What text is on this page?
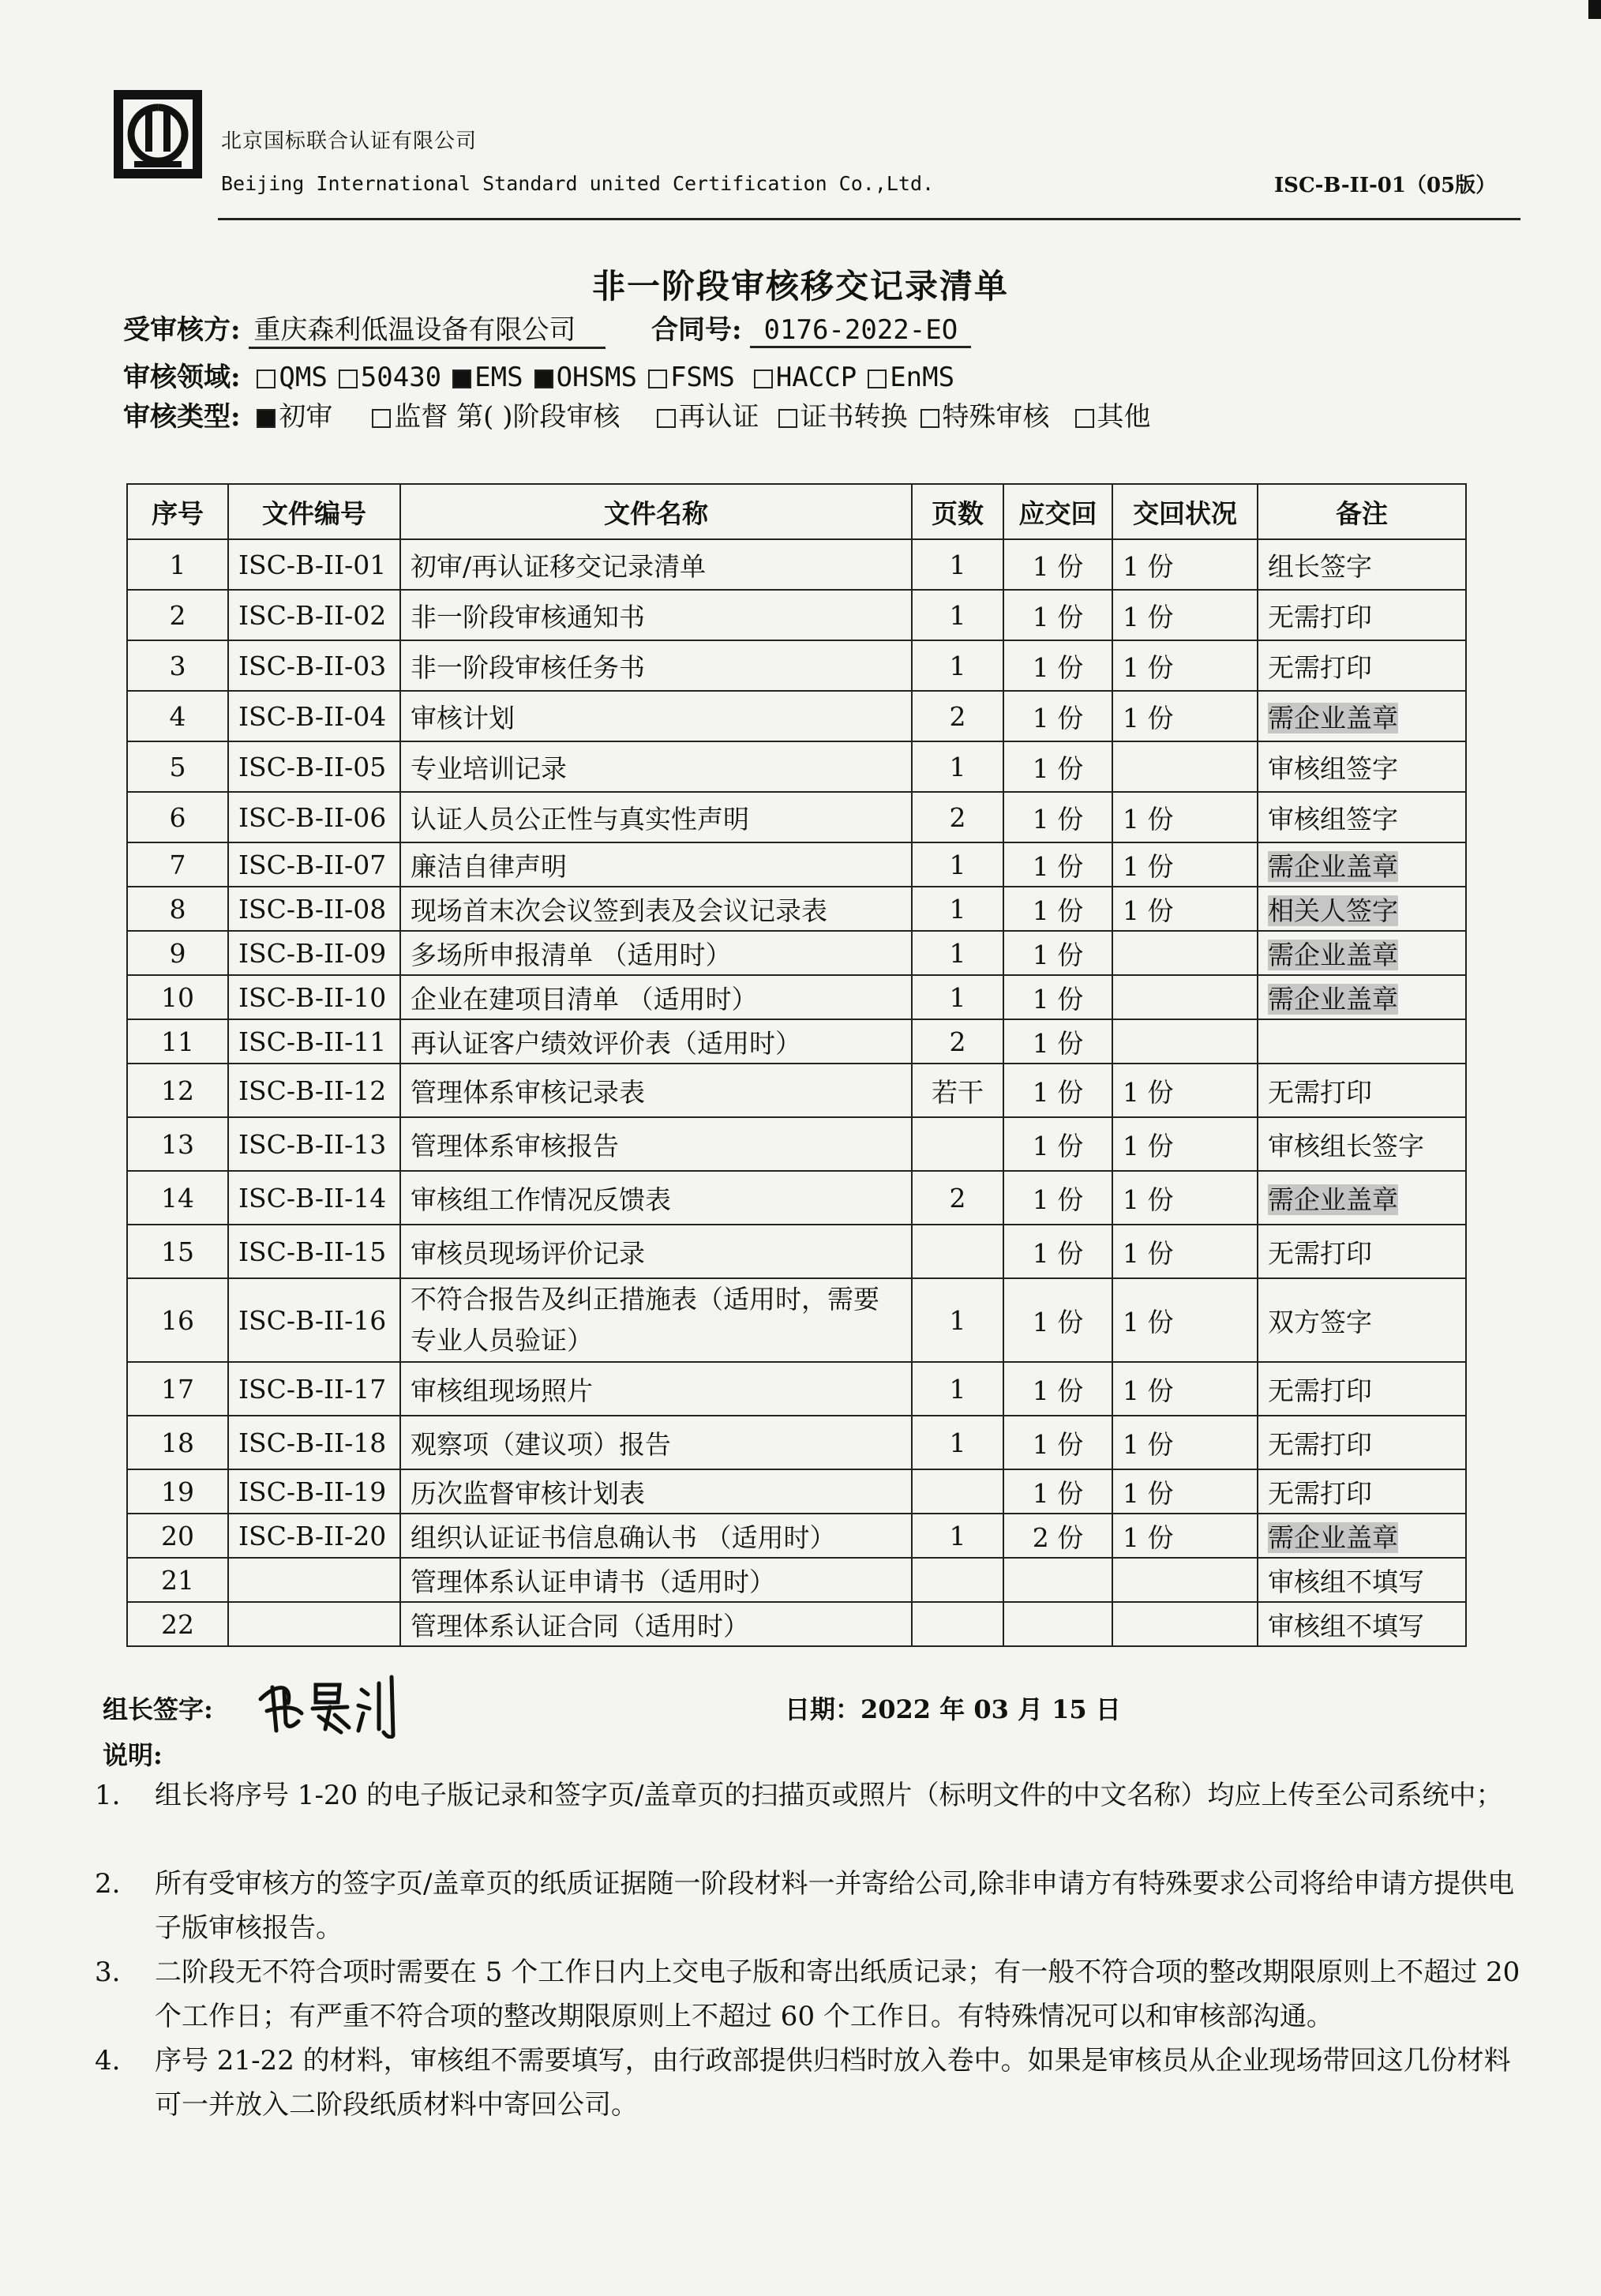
北京国标联合认证有限公司
Beijing International Standard united Certification Co.,Ltd.	ISC-B-II-01（05版）
非一阶段审核移交记录清单
受审核方: 重庆森利低温设备有限公司	合同号: 0176-2022-EO
审核领域: QMS 50430 EMS OHSMS FSMS HACCP EnMS
审核类型: 初审 监督 第( )阶段审核 再认证 证书转换 特殊审核 其他
序号	文件编号	文件名称	页数	应交回	交回状况	备注
1	ISC-B-II-01	初审/再认证移交记录清单	1	1 份	1 份	组长签字
2	ISC-B-II-02	非一阶段审核通知书	1	1 份	1 份	无需打印
3	ISC-B-II-03	非一阶段审核任务书	1	1 份	1 份	无需打印
4	ISC-B-II-04	审核计划	2	1 份	1 份	需企业盖章
5	ISC-B-II-05	专业培训记录	1	1 份		审核组签字
6	ISC-B-II-06	认证人员公正性与真实性声明	2	1 份	1 份	审核组签字
7	ISC-B-II-07	廉洁自律声明	1	1 份	1 份	需企业盖章
8	ISC-B-II-08	现场首末次会议签到表及会议记录表	1	1 份	1 份	相关人签字
9	ISC-B-II-09	多场所申报清单 （适用时）	1	1 份		需企业盖章
10	ISC-B-II-10	企业在建项目清单 （适用时）	1	1 份		需企业盖章
11	ISC-B-II-11	再认证客户绩效评价表（适用时）	2	1 份		
12	ISC-B-II-12	管理体系审核记录表	若干	1 份	1 份	无需打印
13	ISC-B-II-13	管理体系审核报告		1 份	1 份	审核组长签字
14	ISC-B-II-14	审核组工作情况反馈表	2	1 份	1 份	需企业盖章
15	ISC-B-II-15	审核员现场评价记录		1 份	1 份	无需打印
16	ISC-B-II-16	不符合报告及纠正措施表（适用时，需要专业人员验证）	1	1 份	1 份	双方签字
17	ISC-B-II-17	审核组现场照片	1	1 份	1 份	无需打印
18	ISC-B-II-18	观察项（建议项）报告	1	1 份	1 份	无需打印
19	ISC-B-II-19	历次监督审核计划表		1 份	1 份	无需打印
20	ISC-B-II-20	组织认证证书信息确认书 （适用时）	1	2 份	1 份	需企业盖章
21		管理体系认证申请书（适用时）				审核组不填写
22		管理体系认证合同（适用时）				审核组不填写
组长签字:	日期：2022 年 03 月 15 日
说明:
1.	组长将序号 1-20 的电子版记录和签字页/盖章页的扫描页或照片（标明文件的中文名称）均应上传至公司系统中；
2.	所有受审核方的签字页/盖章页的纸质证据随一阶段材料一并寄给公司,除非申请方有特殊要求公司将给申请方提供电子版审核报告。
3.	二阶段无不符合项时需要在 5 个工作日内上交电子版和寄出纸质记录；有一般不符合项的整改期限原则上不超过 20 个工作日；有严重不符合项的整改期限原则上不超过 60 个工作日。有特殊情况可以和审核部沟通。
4.	序号 21-22 的材料，审核组不需要填写，由行政部提供归档时放入卷中。如果是审核员从企业现场带回这几份材料可一并放入二阶段纸质材料中寄回公司。
